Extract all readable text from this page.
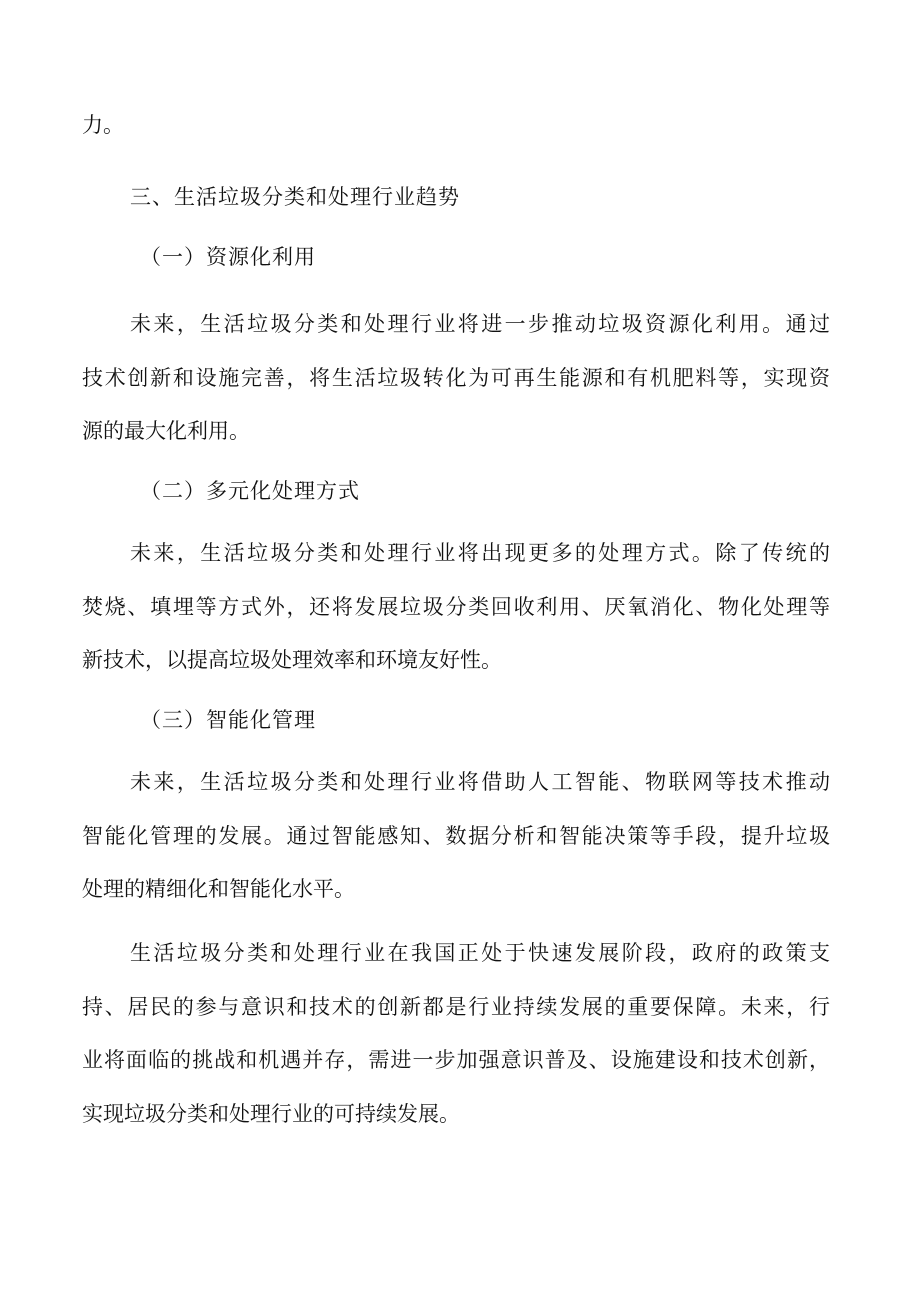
力。

三、生活垃圾分类和处理行业趋势

（一）资源化利用

未来，生活垃圾分类和处理行业将进一步推动垃圾资源化利用。通过

技术创新和设施完善，将生活垃圾转化为可再生能源和有机肥料等，实现资

源的最大化利用。

（二）多元化处理方式

未来，生活垃圾分类和处理行业将出现更多的处理方式。除了传统的

焚烧、填埋等方式外，还将发展垃圾分类回收利用、厌氧消化、物化处理等

新技术，以提高垃圾处理效率和环境友好性。

（三）智能化管理

未来，生活垃圾分类和处理行业将借助人工智能、物联网等技术推动

智能化管理的发展。通过智能感知、数据分析和智能决策等手段，提升垃圾

处理的精细化和智能化水平。

生活垃圾分类和处理行业在我国正处于快速发展阶段，政府的政策支

持、居民的参与意识和技术的创新都是行业持续发展的重要保障。未来，行

业将面临的挑战和机遇并存，需进一步加强意识普及、设施建设和技术创新，

实现垃圾分类和处理行业的可持续发展。
